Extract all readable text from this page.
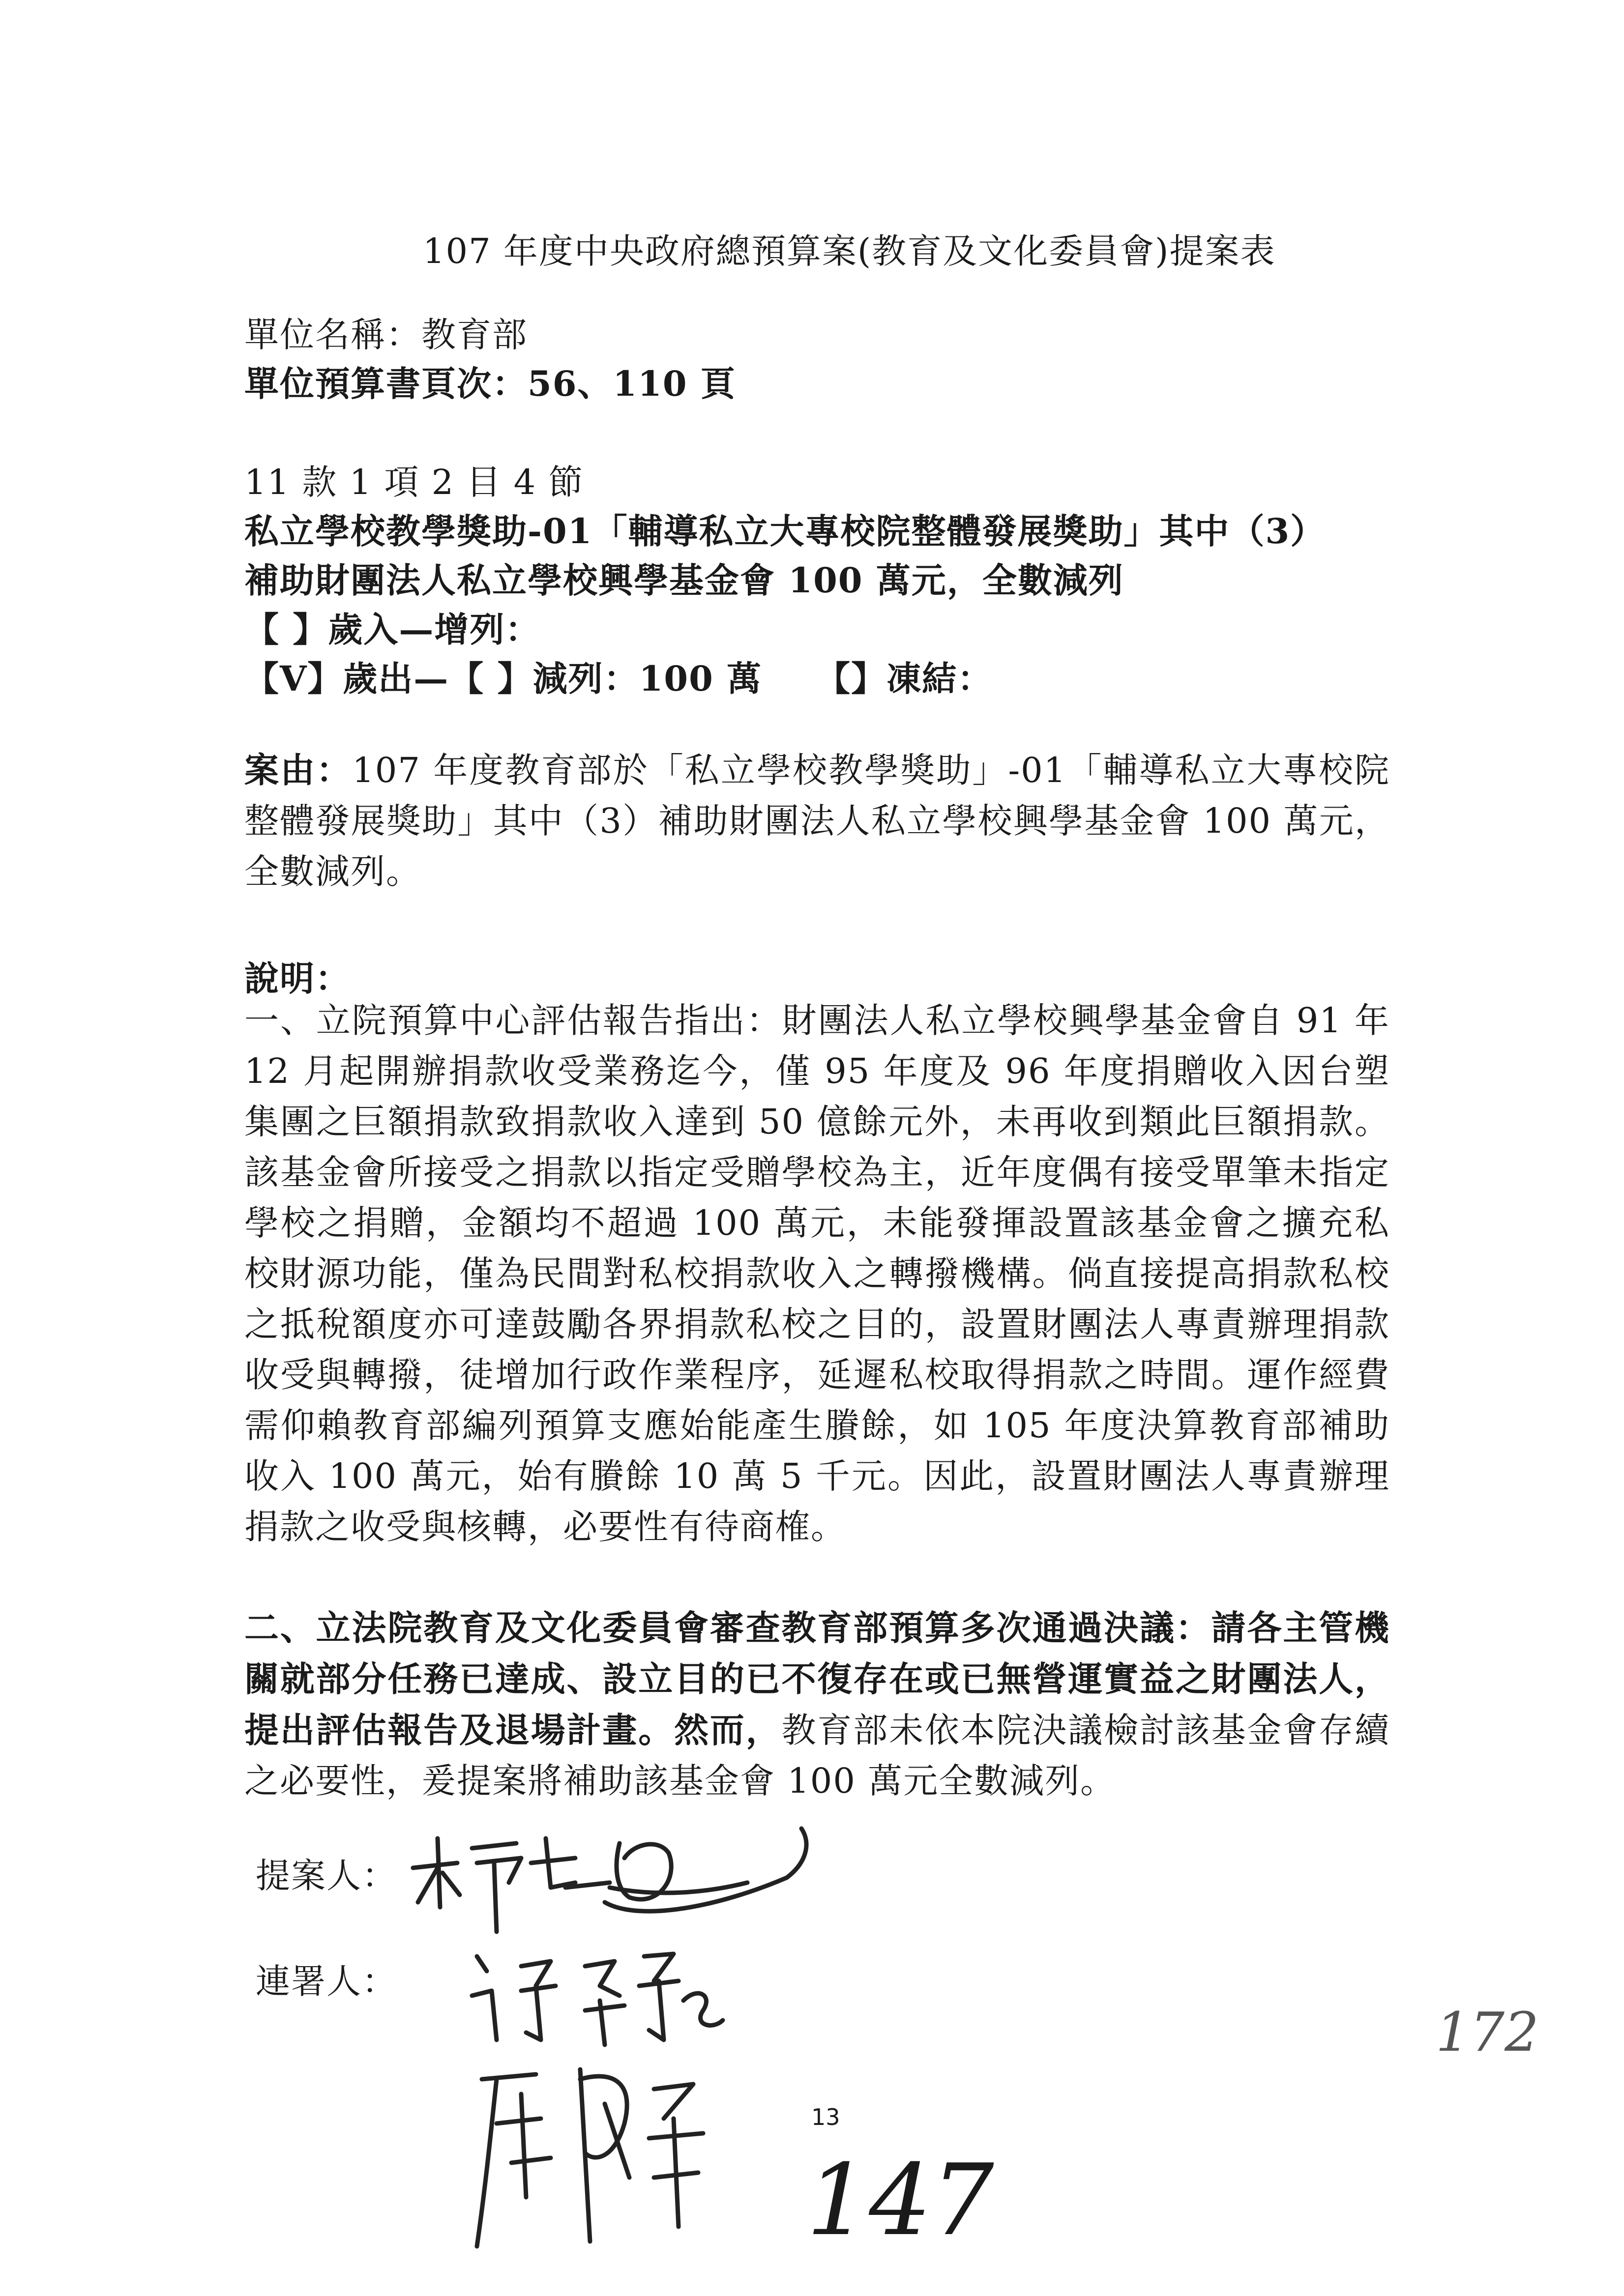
107 年度中央政府總預算案(教育及文化委員會)提案表
單位名稱：教育部
單位預算書頁次：56、110 頁
11 款 1 項 2 目 4 節
私立學校教學獎助-01「輔導私立大專校院整體發展獎助」其中（3）
補助財團法人私立學校興學基金會 100 萬元，全數減列
【 】歲入—增列：
【V】歲出—【 】減列：100 萬　　【】凍結：
案由：107 年度教育部於「私立學校教學獎助」-01「輔導私立大專校院整體發展獎助」其中（3）補助財團法人私立學校興學基金會 100 萬元，全數減列。
說明：
一、立院預算中心評估報告指出：財團法人私立學校興學基金會自 91 年 12 月起開辦捐款收受業務迄今，僅 95 年度及 96 年度捐贈收入因台塑集團之巨額捐款致捐款收入達到 50 億餘元外，未再收到類此巨額捐款。該基金會所接受之捐款以指定受贈學校為主，近年度偶有接受單筆未指定學校之捐贈，金額均不超過 100 萬元，未能發揮設置該基金會之擴充私校財源功能，僅為民間對私校捐款收入之轉撥機構。倘直接提高捐款私校之抵稅額度亦可達鼓勵各界捐款私校之目的，設置財團法人專責辦理捐款收受與轉撥，徒增加行政作業程序，延遲私校取得捐款之時間。運作經費需仰賴教育部編列預算支應始能產生賸餘，如 105 年度決算教育部補助收入 100 萬元，始有賸餘 10 萬 5 千元。因此，設置財團法人專責辦理捐款之收受與核轉，必要性有待商榷。
二、立法院教育及文化委員會審查教育部預算多次通過決議：請各主管機關就部分任務已達成、設立目的已不復存在或已無營運實益之財團法人，提出評估報告及退場計畫。然而，教育部未依本院決議檢討該基金會存續之必要性，爰提案將補助該基金會 100 萬元全數減列。
提案人：
連署人：
13
147
172
